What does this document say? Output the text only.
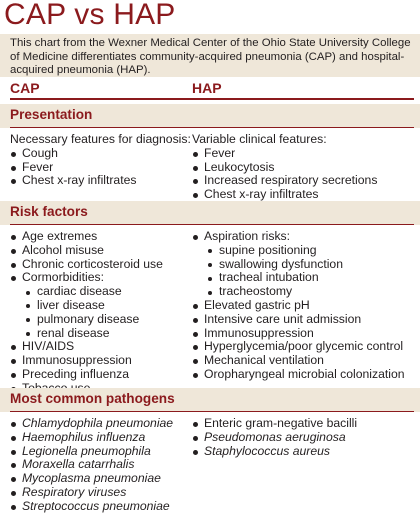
CAP vs HAP

This chart from the Wexner Medical Center of the Ohio State University College of Medicine differentiates community-acquired pneumonia (CAP) and hospital-acquired pneumonia (HAP).

CAP	HAP
Presentation
Necessary features for diagnosis:
Cough
Fever
Chest x-ray infiltrates
Variable clinical features:
Fever
Leukocytosis
Increased respiratory secretions
Chest x-ray infiltrates
Risk factors
Age extremes
Alcohol misuse
Chronic corticosteroid use
Cormorbidities:
cardiac disease
liver disease
pulmonary disease
renal disease
HIV/AIDS
Immunosuppression
Preceding influenza
Aspiration risks:
supine positioning
swallowing dysfunction
tracheal intubation
tracheostomy
Elevated gastric pH
Intensive care unit admission
Immunosuppression
Hyperglycemia/poor glycemic control
Mechanical ventilation
Oropharyngeal microbial colonization
Most common pathogens
Chlamydophila pneumoniae
Haemophilus influenza
Legionella pneumophila
Moraxella catarrhalis
Mycoplasma pneumoniae
Respiratory viruses
Streptococcus pneumoniae
Enteric gram-negative bacilli
Pseudomonas aeruginosa
Staphylococcus aureus
